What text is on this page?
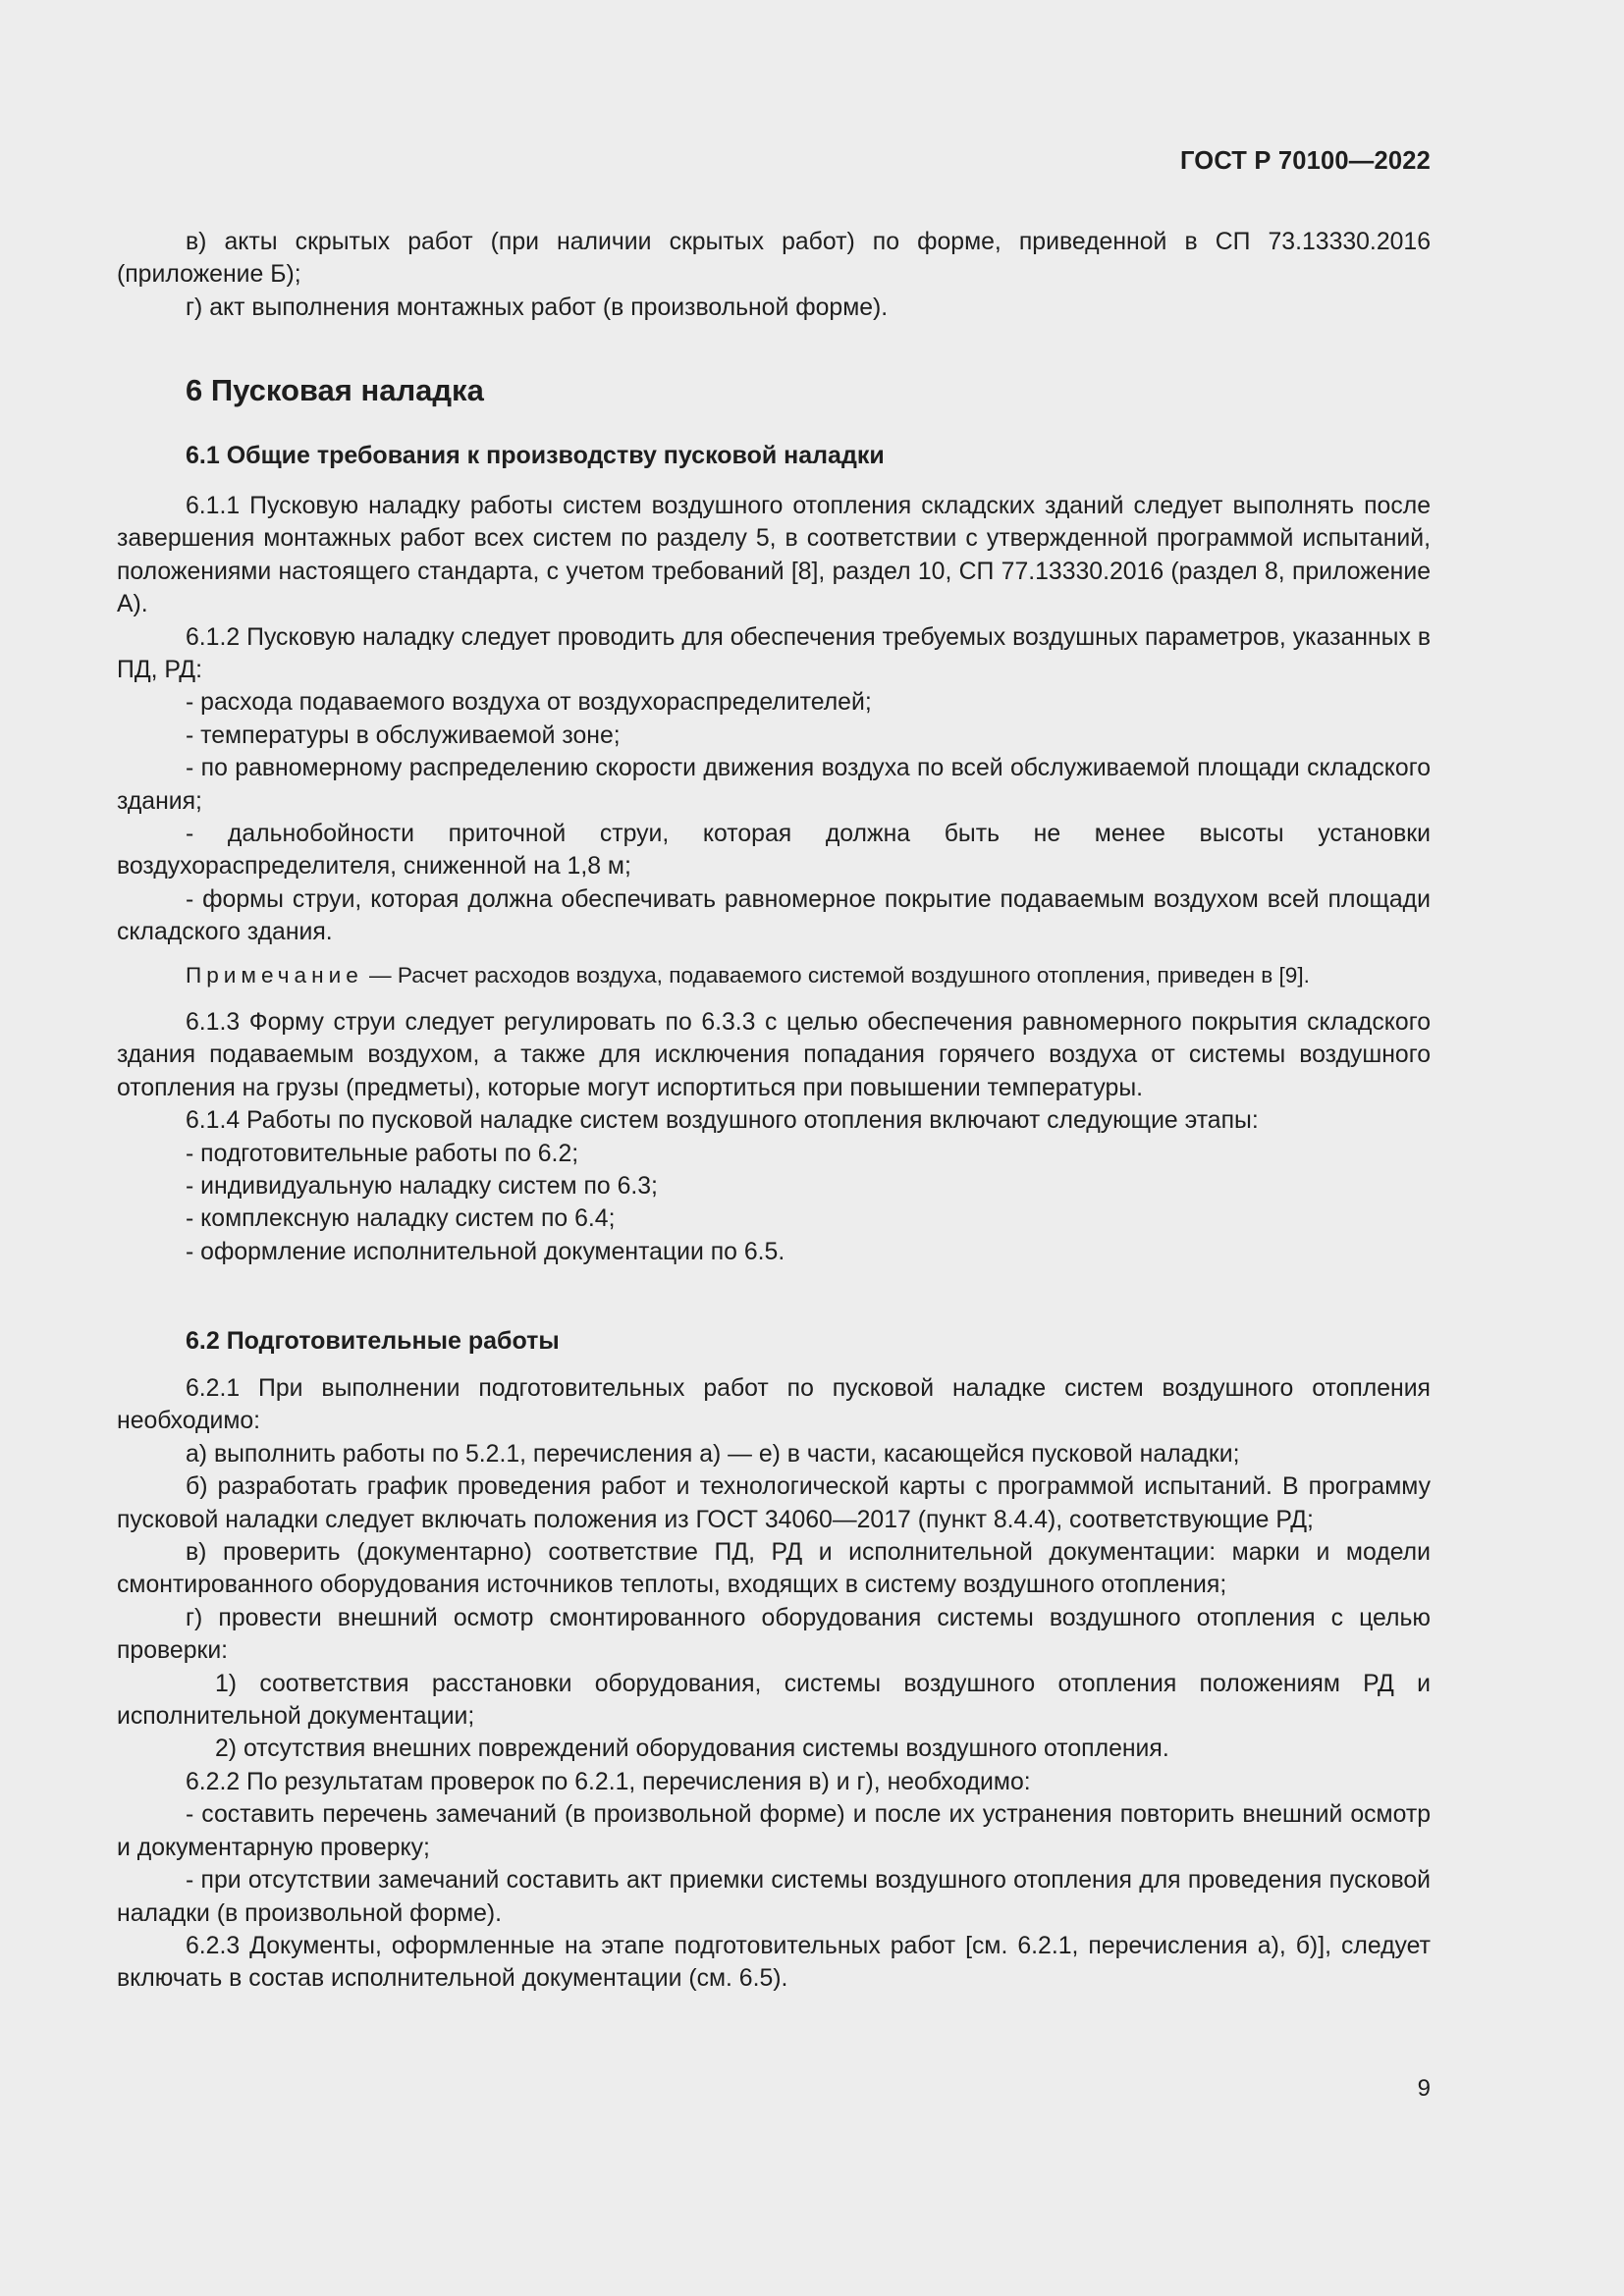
ГОСТ Р 70100—2022

в) акты скрытых работ (при наличии скрытых работ) по форме, приведенной в СП 73.13330.2016 (приложение Б);

г) акт выполнения монтажных работ (в произвольной форме).

6 Пусковая наладка
6.1 Общие требования к производству пусковой наладки

6.1.1 Пусковую наладку работы систем воздушного отопления складских зданий следует выполнять после завершения монтажных работ всех систем по разделу 5, в соответствии с утвержденной программой испытаний, положениями настоящего стандарта, с учетом требований [8], раздел 10, СП 77.13330.2016 (раздел 8, приложение А).

6.1.2 Пусковую наладку следует проводить для обеспечения требуемых воздушных параметров, указанных в ПД, РД:

- расхода подаваемого воздуха от воздухораспределителей;

- температуры в обслуживаемой зоне;

- по равномерному распределению скорости движения воздуха по всей обслуживаемой площади складского здания;

- дальнобойности приточной струи, которая должна быть не менее высоты установки воздухораспределителя, сниженной на 1,8 м;

- формы струи, которая должна обеспечивать равномерное покрытие подаваемым воздухом всей площади складского здания.

Примечание — Расчет расходов воздуха, подаваемого системой воздушного отопления, приведен в [9].

6.1.3 Форму струи следует регулировать по 6.3.3 с целью обеспечения равномерного покрытия складского здания подаваемым воздухом, а также для исключения попадания горячего воздуха от системы воздушного отопления на грузы (предметы), которые могут испортиться при повышении температуры.

6.1.4 Работы по пусковой наладке систем воздушного отопления включают следующие этапы:

- подготовительные работы по 6.2;

- индивидуальную наладку систем по 6.3;

- комплексную наладку систем по 6.4;

- оформление исполнительной документации по 6.5.

6.2 Подготовительные работы

6.2.1 При выполнении подготовительных работ по пусковой наладке систем воздушного отопления необходимо:

а) выполнить работы по 5.2.1, перечисления а) — е) в части, касающейся пусковой наладки;

б) разработать график проведения работ и технологической карты с программой испытаний. В программу пусковой наладки следует включать положения из ГОСТ 34060—2017 (пункт 8.4.4), соответствующие РД;

в) проверить (документарно) соответствие ПД, РД и исполнительной документации: марки и модели смонтированного оборудования источников теплоты, входящих в систему воздушного отопления;

г) провести внешний осмотр смонтированного оборудования системы воздушного отопления с целью проверки:

1) соответствия расстановки оборудования, системы воздушного отопления положениям РД и исполнительной документации;

2) отсутствия внешних повреждений оборудования системы воздушного отопления.

6.2.2 По результатам проверок по 6.2.1, перечисления в) и г), необходимо:

- составить перечень замечаний (в произвольной форме) и после их устранения повторить внешний осмотр и документарную проверку;

- при отсутствии замечаний составить акт приемки системы воздушного отопления для проведения пусковой наладки (в произвольной форме).

6.2.3 Документы, оформленные на этапе подготовительных работ [см. 6.2.1, перечисления а), б)], следует включать в состав исполнительной документации (см. 6.5).

9
